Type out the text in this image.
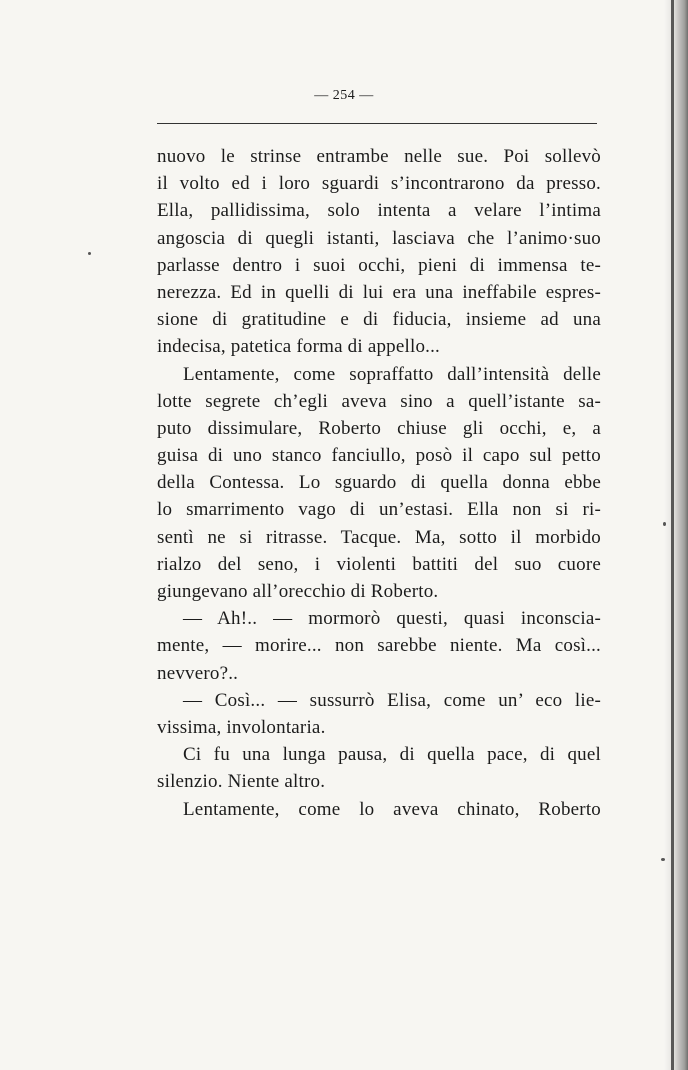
— 254 —
nuovo le strinse entrambe nelle sue. Poi sollevò
il volto ed i loro sguardi s’incontrarono da presso.
Ella, pallidissima, solo intenta a velare l’intima
angoscia di quegli istanti, lasciava che l’animo·suo
parlasse dentro i suoi occhi, pieni di immensa te-
nerezza. Ed in quelli di lui era una ineffabile espres-
sione di gratitudine e di fiducia, insieme ad una
indecisa, patetica forma di appello...
Lentamente, come sopraffatto dall’intensità delle
lotte segrete ch’egli aveva sino a quell’istante sa-
puto dissimulare, Roberto chiuse gli occhi, e, a
guisa di uno stanco fanciullo, posò il capo sul petto
della Contessa. Lo sguardo di quella donna ebbe
lo smarrimento vago di un’estasi. Ella non si ri-
sentì ne si ritrasse. Tacque. Ma, sotto il morbido
rialzo del seno, i violenti battiti del suo cuore
giungevano all’orecchio di Roberto.
— Ah!.. — mormorò questi, quasi inconscia-
mente, — morire... non sarebbe niente. Ma così...
nevvero?..
— Così... — sussurrò Elisa, come un’ eco lie-
vissima, involontaria.
Ci fu una lunga pausa, di quella pace, di quel
silenzio. Niente altro.
Lentamente, come lo aveva chinato, Roberto
